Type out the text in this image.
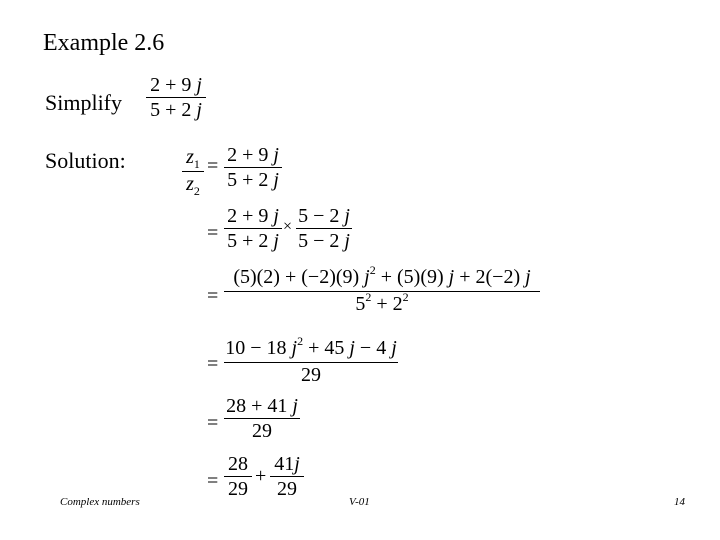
Example 2.6
Simplify
2 + 9 j
5 + 2 j
Solution:	$z_1$
$z_2$
= 2 + 9 j
5 + 2 j
=
2 + 9 j
5 + 2 j
× 5 − 2 j
5 − 2 j
=
(5)(2) + (−2)(9) $j^2 + (5)(9) j + 2(-2)$ j
$5^2 + 2^2$
=
10 − 18 $j^2 + 45$ j − 4 j
29
=
28 + 41 j
29
=
28
29
+
41j
29
Complex numbers	V-01	14
